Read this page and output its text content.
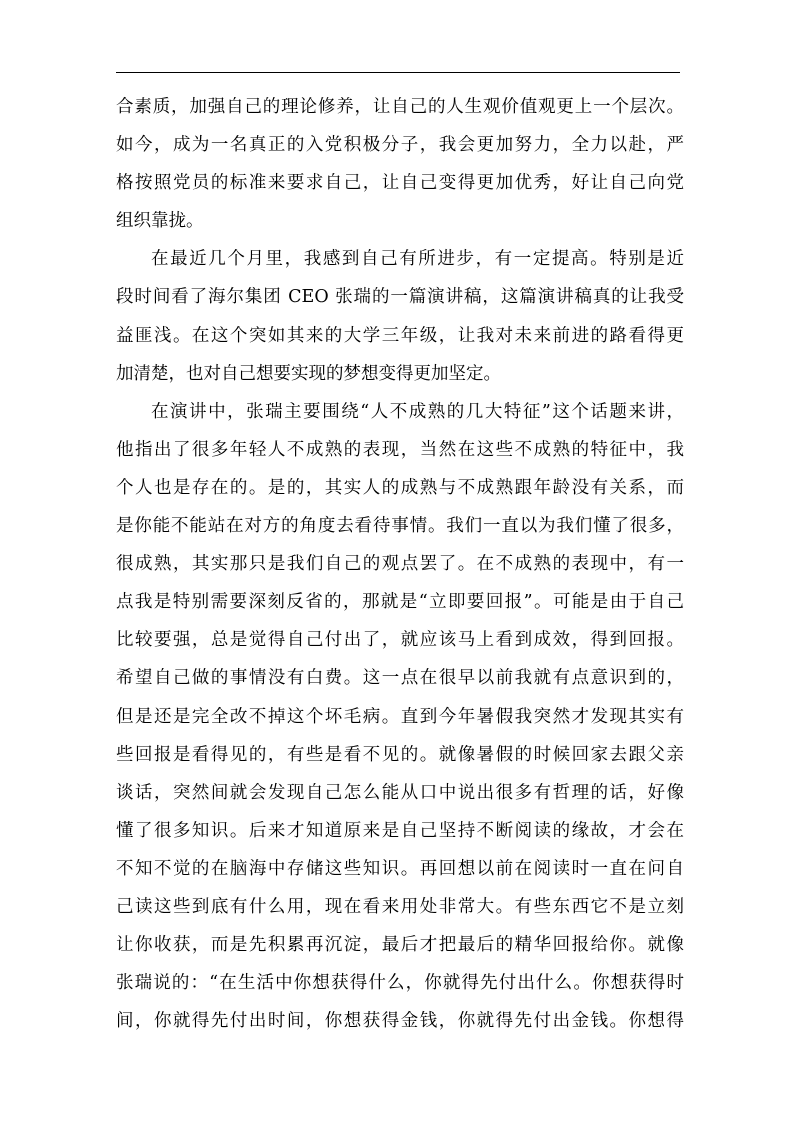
合素质，加强自己的理论修养，让自己的人生观价值观更上一个层次。
如今，成为一名真正的入党积极分子，我会更加努力，全力以赴，严
格按照党员的标准来要求自己，让自己变得更加优秀，好让自己向党
组织靠拢。
在最近几个月里，我感到自己有所进步，有一定提高。特别是近
段时间看了海尔集团 CEO 张瑞的一篇演讲稿，这篇演讲稿真的让我受
益匪浅。在这个突如其来的大学三年级，让我对未来前进的路看得更
加清楚，也对自己想要实现的梦想变得更加坚定。
在演讲中，张瑞主要围绕“人不成熟的几大特征”这个话题来讲，
他指出了很多年轻人不成熟的表现，当然在这些不成熟的特征中，我
个人也是存在的。是的，其实人的成熟与不成熟跟年龄没有关系，而
是你能不能站在对方的角度去看待事情。我们一直以为我们懂了很多，
很成熟，其实那只是我们自己的观点罢了。在不成熟的表现中，有一
点我是特别需要深刻反省的，那就是“立即要回报”。可能是由于自己
比较要强，总是觉得自己付出了，就应该马上看到成效，得到回报。
希望自己做的事情没有白费。这一点在很早以前我就有点意识到的，
但是还是完全改不掉这个坏毛病。直到今年暑假我突然才发现其实有
些回报是看得见的，有些是看不见的。就像暑假的时候回家去跟父亲
谈话，突然间就会发现自己怎么能从口中说出很多有哲理的话，好像
懂了很多知识。后来才知道原来是自己坚持不断阅读的缘故，才会在
不知不觉的在脑海中存储这些知识。再回想以前在阅读时一直在问自
己读这些到底有什么用，现在看来用处非常大。有些东西它不是立刻
让你收获，而是先积累再沉淀，最后才把最后的精华回报给你。就像
张瑞说的：“在生活中你想获得什么，你就得先付出什么。你想获得时
间，你就得先付出时间，你想获得金钱，你就得先付出金钱。你想得
